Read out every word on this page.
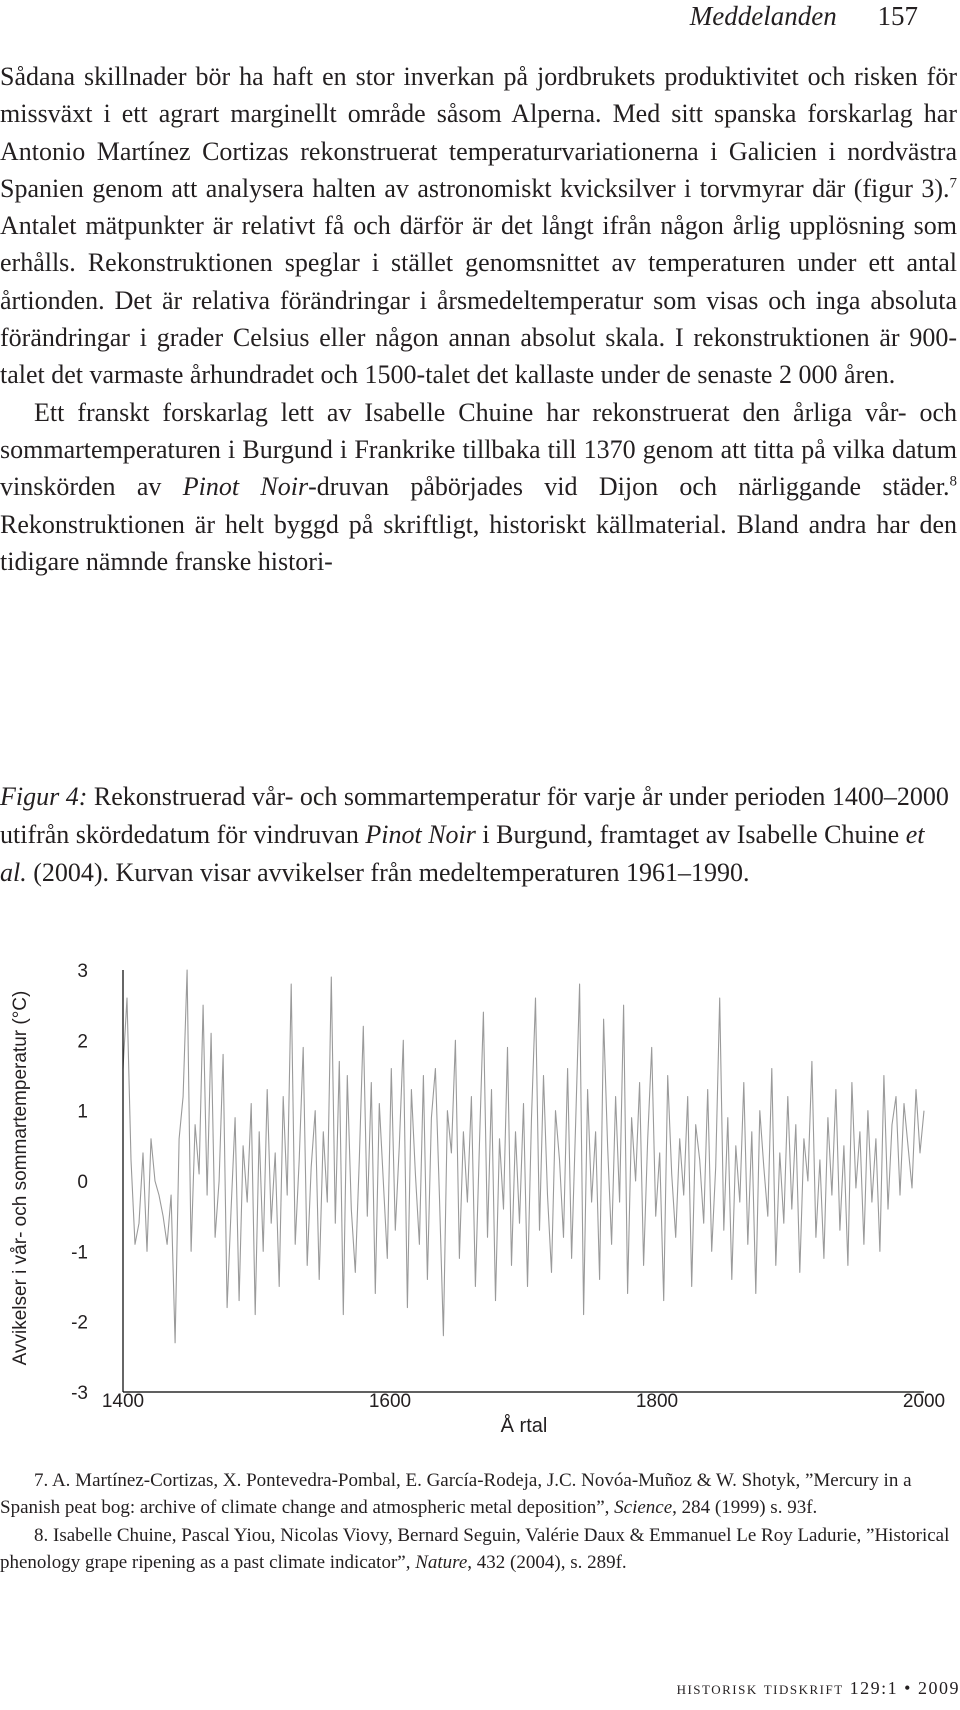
Meddelanden 157

Sådana skillnader bör ha haft en stor inverkan på jordbrukets produktivitet och risken för missväxt i ett agrart marginellt område såsom Alperna. Med sitt spanska forskarlag har Antonio Martínez Cortizas rekonstruerat temperaturvariationerna i Galicien i nordvästra Spanien genom att analysera halten av astronomiskt kvicksilver i torvmyrar där (figur 3).$^7$ Antalet mätpunkter är relativt få och därför är det långt ifrån någon årlig upplösning som erhålls. Rekonstruktionen speglar i stället genomsnittet av temperaturen under ett antal årtionden. Det är relativa förändringar i årsmedeltemperatur som visas och inga absoluta förändringar i grader Celsius eller någon annan absolut skala. I rekonstruktionen är 900-talet det varmaste århundradet och 1500-talet det kallaste under de senaste 2 000 åren.

Ett franskt forskarlag lett av Isabelle Chuine har rekonstruerat den årliga vår- och sommartemperaturen i Burgund i Frankrike tillbaka till 1370 genom att titta på vilka datum vinskörden av Pinot Noir-druvan påbörjades vid Dijon och närliggande städer.$^8$ Rekonstruktionen är helt byggd på skriftligt, historiskt källmaterial. Bland andra har den tidigare nämnde franske histori-

Figur 4: Rekonstruerad vår- och sommartemperatur för varje år under perioden 1400–2000 utifrån skördedatum för vindruvan Pinot Noir i Burgund, framtaget av Isabelle Chuine et al. (2004). Kurvan visar avvikelser från medeltemperaturen 1961–1990.

Avvikelser i vår- och sommartemperatur (°C)
3
2
1
0
-1
-2
-3 1400	1600	1800	2000
Å rtal

7. A. Martínez-Cortizas, X. Pontevedra-Pombal, E. García-Rodeja, J.C. Novóa-Muñoz & W. Shotyk, ”Mercury in a Spanish peat bog: archive of climate change and atmospheric metal deposition”, Science, 284 (1999) s. 93f.

8. Isabelle Chuine, Pascal Yiou, Nicolas Viovy, Bernard Seguin, Valérie Daux & Emmanuel Le Roy Ladurie, ”Historical phenology grape ripening as a past climate indicator”, Nature, 432 (2004), s. 289f.

historisk tidskrift 129:1 • 2009
